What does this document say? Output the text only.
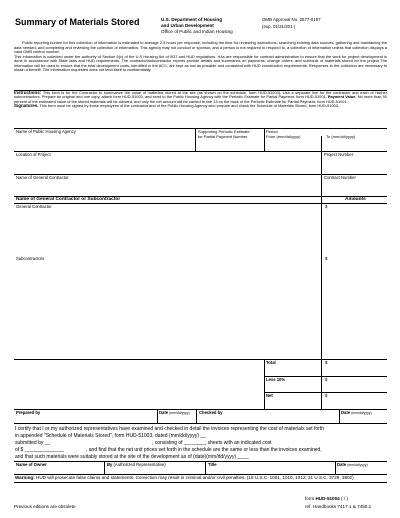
Summary of Materials Stored	U.S. Department of Housing
and Urban Development
Office of Public and Indian Housing
OMB Approval No. 2577-0157
(exp. 01/31/201 )

Public reporting burden for this collection of information is estimated to average 2.5 hours per response, including the time for reviewing instructions, searching existing data sources, gathering and maintaining the data needed, and completing and reviewing the collection of information. This agency may not conduct or sponsor, and a person is not required to respond to, a collection of information unless that collection displays a valid OMB control number.

This information is collected under the authority of Section 6(c) of the U.S Housing Act of l937 and HUD regulations. HAs are responsible for contract administration to ensure that the work for project development is done in accordance with State laws and HUD requirements. The contractor/subcontractor reports provide details and summaries on payments, change orders, and schedule of materials stored for the project The information will be used to ensure that the total development costs, identified in the ACC, are kept as low as possible and consistent with HUD construction requirements. Responses to the collection are necessary to obtain a benefit. The information requested does not lend itself to confidentiality.

Instructions: This form is for the Contractor to summarize the value of materials stored at the site (as shown on the schedule, form HUD-51003). Use a separate line for the contractor and each of his/her subcontractors. Prepare an original and one copy, attach form HUD-51003, and send to the Public Housing Agency with the Periodic Estimate for Partial Payment, form HUD-51001. Payment Value. No more than 90 percent of the estimated value of the stored materials will be allowed, and only the net amount will be carried to line 13 on the back of the Periodic Estimate for Partial Payment, form HUD-51001.
Signatures. This form must be signed by those employees of the contractor and of the Public Housing Agency who prepare and check the Schedule of Materials Stored, form HUD-51003.

Name of Public Housing Agency	Supporting Periodic Estimate
for Partial Payment Number
Period
From (mm/dd/yyyy)	To (mm/dd/yyyy)
Location of Project	Project Number
Name of General Contractor	Contract Number
Name of General Contractor or Subcontractor	Amounts
General Contractor	$
Subcontractors	$
Total	$
Less 10%	$
Net	$
Prepared by	Date (mm/dd/yyyy) Checked by	Date (mm/dd/yyyy)
I certify that I or my authorized representatives have examined and checked in detail the invoices representing the cost of materials set forth
in appended "Schedule of Materials Stored", form HUD-51003, dated (mm/dd/yyyy) __
submitted by __	, consisting of ________ sheets with an indicated cost
of $ ______________	, and find that the net unit prices set forth in the schedule are the same or less than the invoices examined,
and that such materials were suitably stored at the site of the development as of (date)(mm/dd/yyyy) ____
Name of Owner	By (Authorized Representative)	Title	Date (mm/dd/yyyy)
Warning: HUD will prosecute false claims and statements. Conviction may result in criminal and/or civil penalties. (18 U.S.C. 1001, 1010, 1012; 31 U.S.C. 3729, 3802)
form HUD-51004 ( / )
Previous editions are obsolete	ref. Handbooks 7417.1 & 7450.1
